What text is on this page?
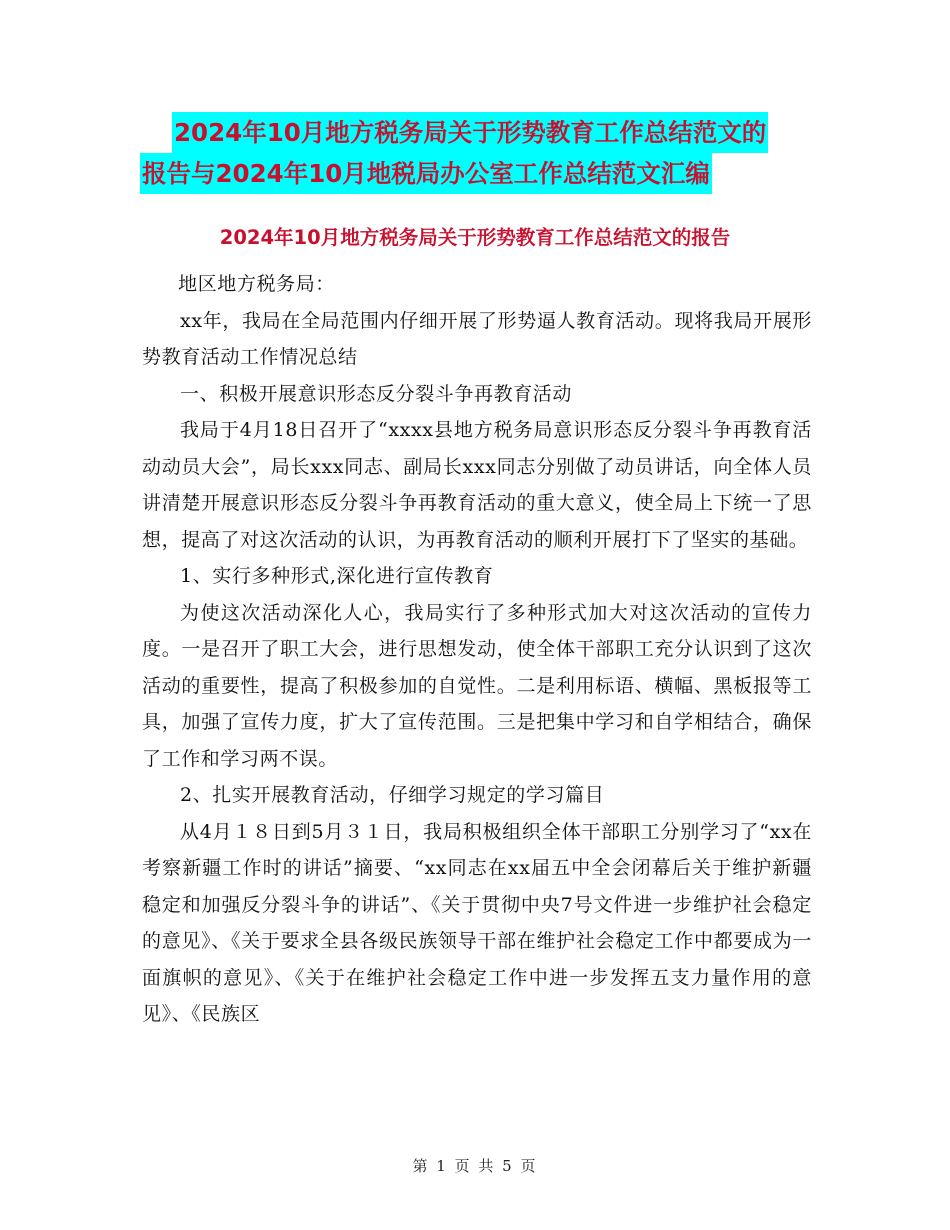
2024年10月地方税务局关于形势教育工作总结范文的
报告与2024年10月地税局办公室工作总结范文汇编
2024年10月地方税务局关于形势教育工作总结范文的报告

地区地方税务局：

xx年，我局在全局范围内仔细开展了形势逼人教育活动。现将我局开展形势教育活动工作情况总结

一、积极开展意识形态反分裂斗争再教育活动

我局于4月18日召开了“xxxx县地方税务局意识形态反分裂斗争再教育活动动员大会”，局长xxx同志、副局长xxx同志分别做了动员讲话，向全体人员讲清楚开展意识形态反分裂斗争再教育活动的重大意义，使全局上下统一了思想，提高了对这次活动的认识，为再教育活动的顺利开展打下了坚实的基础。

1、实行多种形式,深化进行宣传教育

为使这次活动深化人心，我局实行了多种形式加大对这次活动的宣传力度。一是召开了职工大会，进行思想发动，使全体干部职工充分认识到了这次活动的重要性，提高了积极参加的自觉性。二是利用标语、横幅、黑板报等工具，加强了宣传力度，扩大了宣传范围。三是把集中学习和自学相结合，确保了工作和学习两不误。

2、扎实开展教育活动，仔细学习规定的学习篇目

从4月１８日到5月３１日，我局积极组织全体干部职工分别学习了“xx在考察新疆工作时的讲话”摘要、“xx同志在xx届五中全会闭幕后关于维护新疆稳定和加强反分裂斗争的讲话”、《关于贯彻中央7号文件进一步维护社会稳定的意见》、《关于要求全县各级民族领导干部在维护社会稳定工作中都要成为一面旗帜的意见》、《关于在维护社会稳定工作中进一步发挥五支力量作用的意见》、《民族区

第 1 页 共 5 页
